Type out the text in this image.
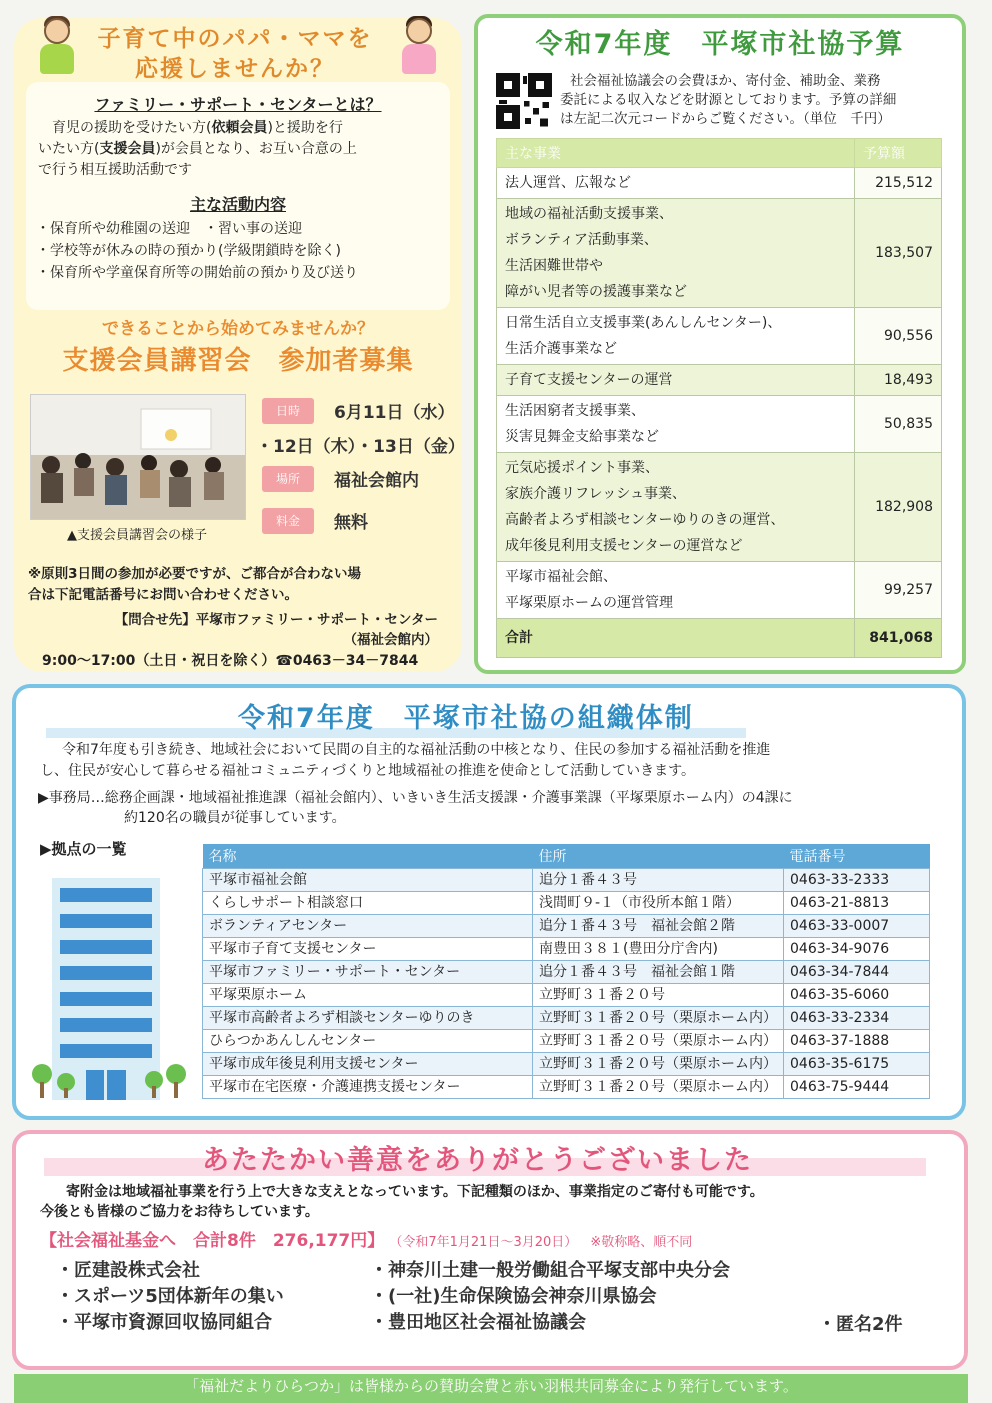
子育て中のパパ・ママを
応援しませんか？
ファミリー・サポート・センターとは？
育児の援助を受けたい方(依頼会員)と援助を行
いたい方(支援会員)が会員となり、お互い合意の上
で行う相互援助活動です
主な活動内容
・保育所や幼稚園の送迎　・習い事の送迎
・学校等が休みの時の預かり(学級閉鎖時を除く)
・保育所や学童保育所等の開始前の預かり及び送り
できることから始めてみませんか？
支援会員講習会　参加者募集
▲支援会員講習会の様子
日時	6月11日（水）
・12日（木）・13日（金）
場所	福祉会館内
料金	無料
※原則3日間の参加が必要ですが、ご都合が合わない場
合は下記電話番号にお問い合わせください。
【問合せ先】平塚市ファミリー・サポート・センター
（福祉会館内）
9:00〜17:00（土日・祝日を除く）☎0463－34－7844
令和7年度　平塚市社協予算
社会福祉協議会の会費ほか、寄付金、補助金、業務
委託による収入などを財源としております。予算の詳細
は左記二次元コードからご覧ください。（単位　千円）
主な事業	予算額

法人運営、広報など	215,512

地域の福祉活動支援事業、
ボランティア活動事業、
生活困難世帯や
障がい児者等の援護事業など	183,507

日常生活自立支援事業(あんしんセンター)、
生活介護事業など	90,556

子育て支援センターの運営	18,493

生活困窮者支援事業、
災害見舞金支給事業など	50,835

元気応援ポイント事業、
家族介護リフレッシュ事業、
高齢者よろず相談センターゆりのきの運営、
成年後見利用支援センターの運営など	182,908

平塚市福祉会館、
平塚栗原ホームの運営管理	99,257
合計	841,068
令和7年度　平塚市社協の組織体制
令和7年度も引き続き、地域社会において民間の自主的な福祉活動の中核となり、住民の参加する福祉活動を推進
し、住民が安心して暮らせる福祉コミュニティづくりと地域福祉の推進を使命として活動していきます。
▶事務局…総務企画課・地域福祉推進課（福祉会館内）、いきいき生活支援課・介護事業課（平塚栗原ホーム内）の4課に
約120名の職員が従事しています。
▶拠点の一覧	名称	住所	電話番号
平塚市福祉会館	追分１番４３号	0463-33-2333
くらしサポート相談窓口	浅間町９-１（市役所本館１階）	0463-21-8813
ボランティアセンター	追分１番４３号　福祉会館２階	0463-33-0007
平塚市子育て支援センター	南豊田３８１(豊田分庁舎内)	0463-34-9076
平塚市ファミリー・サポート・センター	追分１番４３号　福祉会館１階	0463-34-7844
平塚栗原ホーム	立野町３１番２０号	0463-35-6060
平塚市高齢者よろず相談センターゆりのき	立野町３１番２０号（栗原ホーム内）	0463-33-2334
ひらつかあんしんセンター	立野町３１番２０号（栗原ホーム内）	0463-37-1888
平塚市成年後見利用支援センター	立野町３１番２０号（栗原ホーム内）	0463-35-6175
平塚市在宅医療・介護連携支援センター	立野町３１番２０号（栗原ホーム内）	0463-75-9444
あたたかい善意をありがとうございました
寄附金は地域福祉事業を行う上で大きな支えとなっています。下記種類のほか、事業指定のご寄付も可能です。
今後とも皆様のご協力をお待ちしています。
【社会福祉基金へ　合計8件　276,177円】 （令和7年1月21日～3月20日） ※敬称略、順不同
・匠建設株式会社
・スポーツ5団体新年の集い
・平塚市資源回収協同組合
・神奈川土建一般労働組合平塚支部中央分会
・(一社)生命保険協会神奈川県協会
・豊田地区社会福祉協議会	・匿名2件
「福祉だよりひらつか」は皆様からの賛助会費と赤い羽根共同募金により発行しています。
